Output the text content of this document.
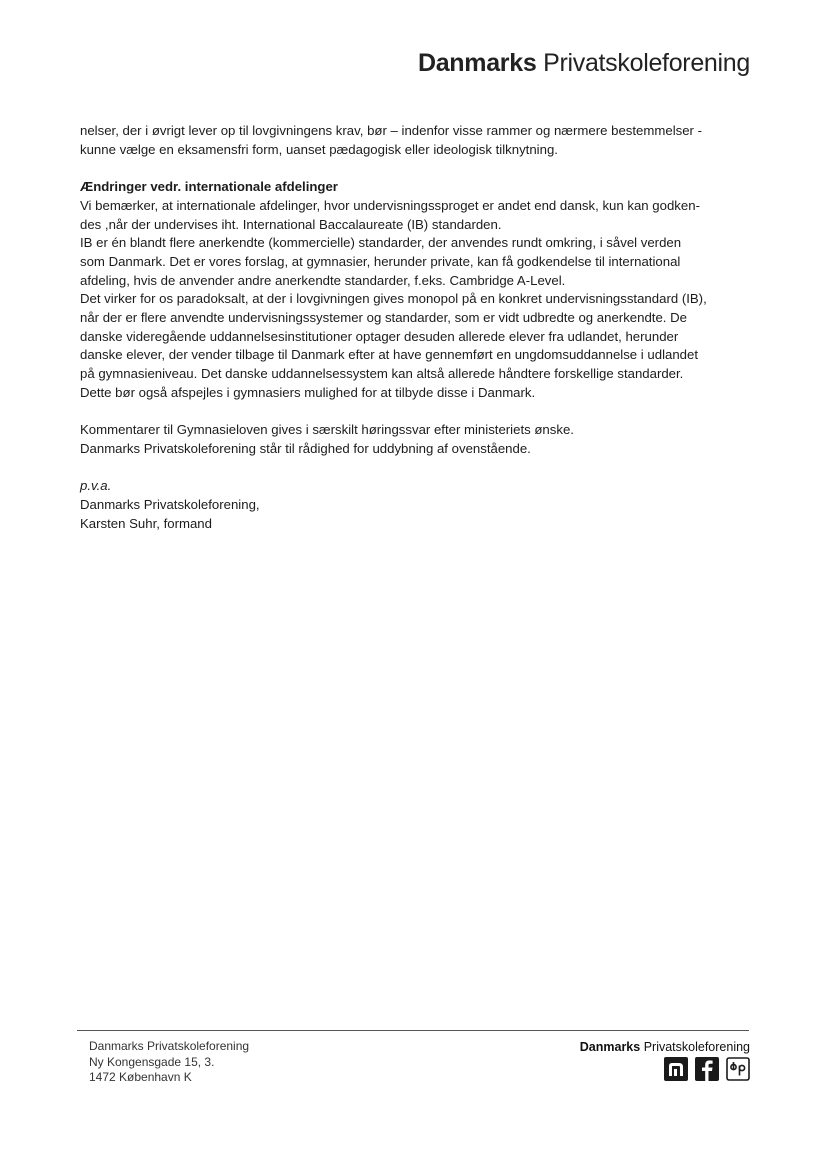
Danmarks Privatskoleforening

nelser, der i øvrigt lever op til lovgivningens krav, bør – indenfor visse rammer og nærmere bestemmelser -
kunne vælge en eksamensfri form, uanset pædagogisk eller ideologisk tilknytning.

Ændringer vedr. internationale afdelinger

Vi bemærker, at internationale afdelinger, hvor undervisningssproget er andet end dansk, kun kan godken-
des ,når der undervises iht. International Baccalaureate (IB) standarden.
IB er én blandt flere anerkendte (kommercielle) standarder, der anvendes rundt omkring, i såvel verden
som Danmark. Det er vores forslag, at gymnasier, herunder private, kan få godkendelse til international
afdeling, hvis de anvender andre anerkendte standarder, f.eks. Cambridge A-Level.
Det virker for os paradoksalt, at der i lovgivningen gives monopol på en konkret undervisningsstandard (IB),
når der er flere anvendte undervisningssystemer og standarder, som er vidt udbredte og anerkendte. De
danske videregående uddannelsesinstitutioner optager desuden allerede elever fra udlandet, herunder
danske elever, der vender tilbage til Danmark efter at have gennemført en ungdomsuddannelse i udlandet
på gymnasieniveau. Det danske uddannelsessystem kan altså allerede håndtere forskellige standarder.
Dette bør også afspejles i gymnasiers mulighed for at tilbyde disse i Danmark.

Kommentarer til Gymnasieloven gives i særskilt høringssvar efter ministeriets ønske.
Danmarks Privatskoleforening står til rådighed for uddybning af ovenstående.

p.v.a.
Danmarks Privatskoleforening,
Karsten Suhr, formand
Danmarks Privatskoleforening
Ny Kongensgade 15, 3.
1472 København K
Danmarks Privatskoleforening
